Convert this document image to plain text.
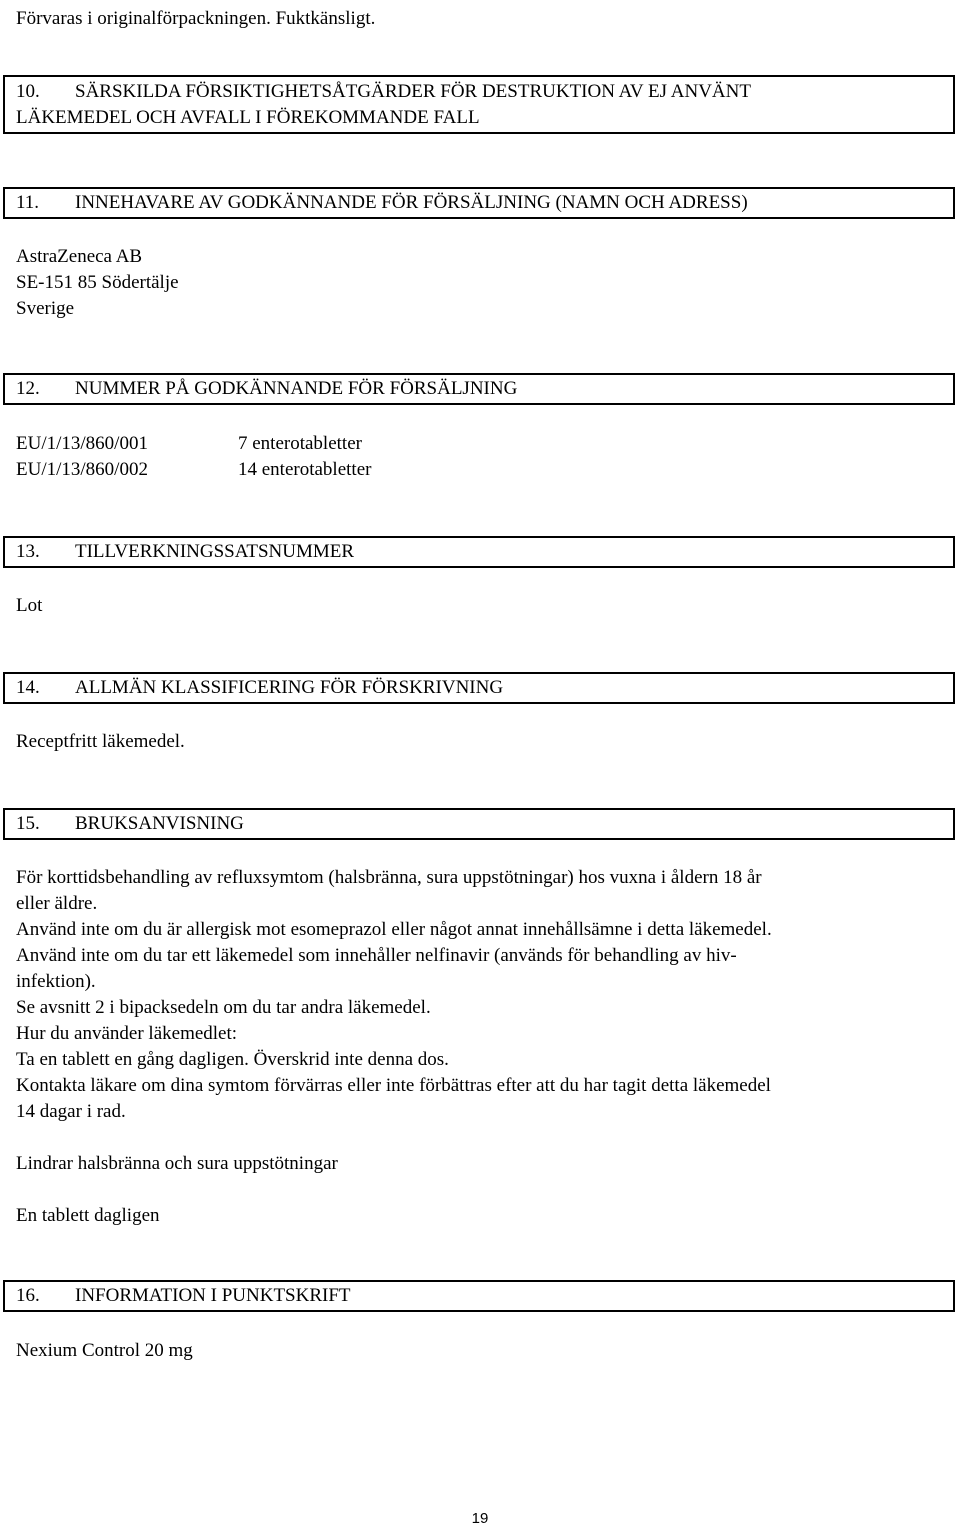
Förvaras i originalförpackningen. Fuktkänsligt.
10. SÄRSKILDA FÖRSIKTIGHETSÅTGÄRDER FÖR DESTRUKTION AV EJ ANVÄNT
LÄKEMEDEL OCH AVFALL I FÖREKOMMANDE FALL
11. INNEHAVARE AV GODKÄNNANDE FÖR FÖRSÄLJNING (NAMN OCH ADRESS)
AstraZeneca AB
SE-151 85 Södertälje
Sverige
12. NUMMER PÅ GODKÄNNANDE FÖR FÖRSÄLJNING
EU/1/13/860/001	7 enterotabletter
EU/1/13/860/002	14 enterotabletter
13. TILLVERKNINGSSATSNUMMER
Lot
14. ALLMÄN KLASSIFICERING FÖR FÖRSKRIVNING
Receptfritt läkemedel.
15. BRUKSANVISNING
För korttidsbehandling av refluxsymtom (halsbränna, sura uppstötningar) hos vuxna i åldern 18 år
eller äldre.
Använd inte om du är allergisk mot esomeprazol eller något annat innehållsämne i detta läkemedel.
Använd inte om du tar ett läkemedel som innehåller nelfinavir (används för behandling av hiv-
infektion).
Se avsnitt 2 i bipacksedeln om du tar andra läkemedel.
Hur du använder läkemedlet:
Ta en tablett en gång dagligen. Överskrid inte denna dos.
Kontakta läkare om dina symtom förvärras eller inte förbättras efter att du har tagit detta läkemedel
14 dagar i rad.
Lindrar halsbränna och sura uppstötningar
En tablett dagligen
16. INFORMATION I PUNKTSKRIFT
Nexium Control 20 mg
19
